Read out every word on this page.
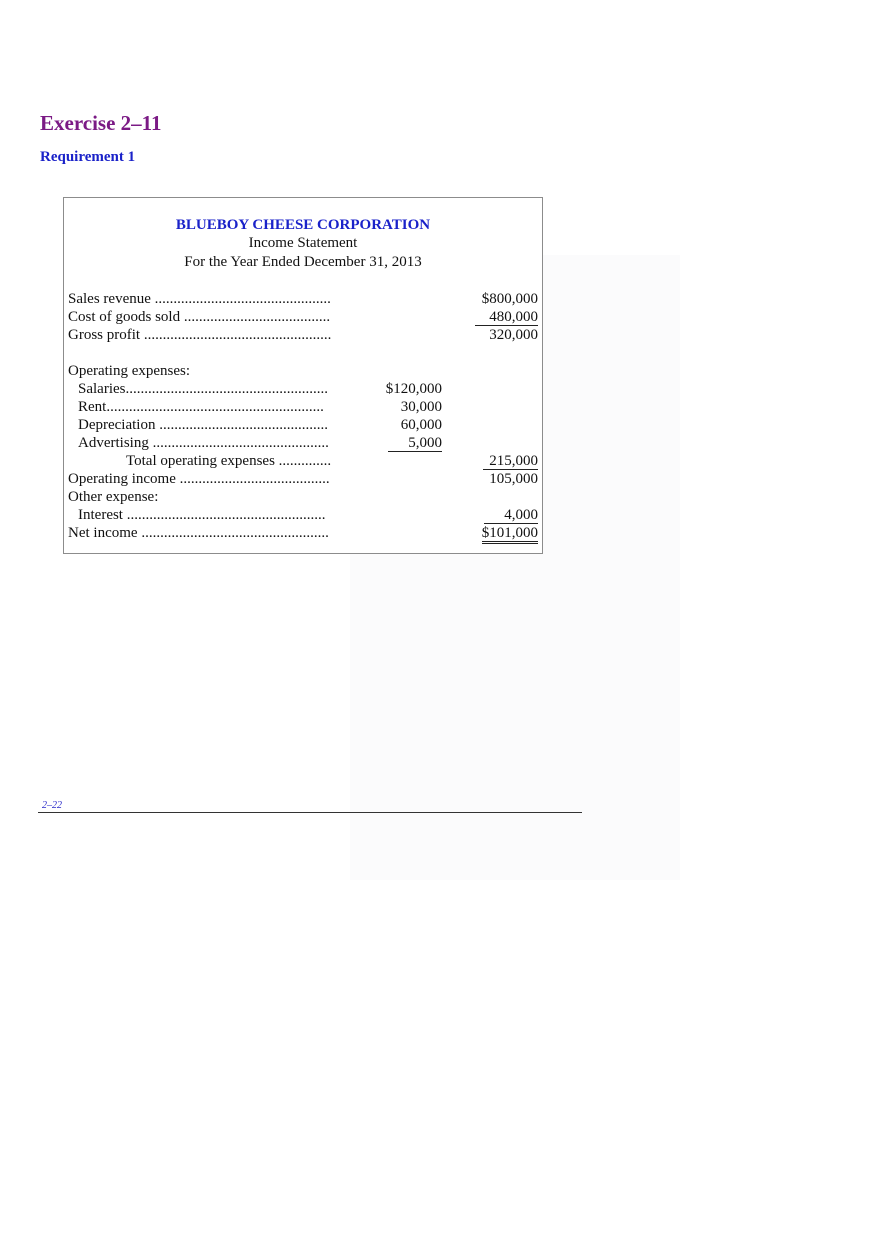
Exercise 2–11
Requirement 1
BLUEBOY CHEESE CORPORATION
Income Statement
For the Year Ended December 31, 2013
Sales revenue ...............................................	$800,000
Cost of goods sold .......................................	480,000
Gross profit ..................................................	320,000
Operating expenses:
Salaries......................................................	$120,000
Rent..........................................................	30,000
Depreciation .............................................	60,000
Advertising ...............................................	5,000
Total operating expenses ..............	215,000
Operating income ........................................	105,000
Other expense:
Interest .....................................................	4,000
Net income ..................................................	$101,000
2–22
